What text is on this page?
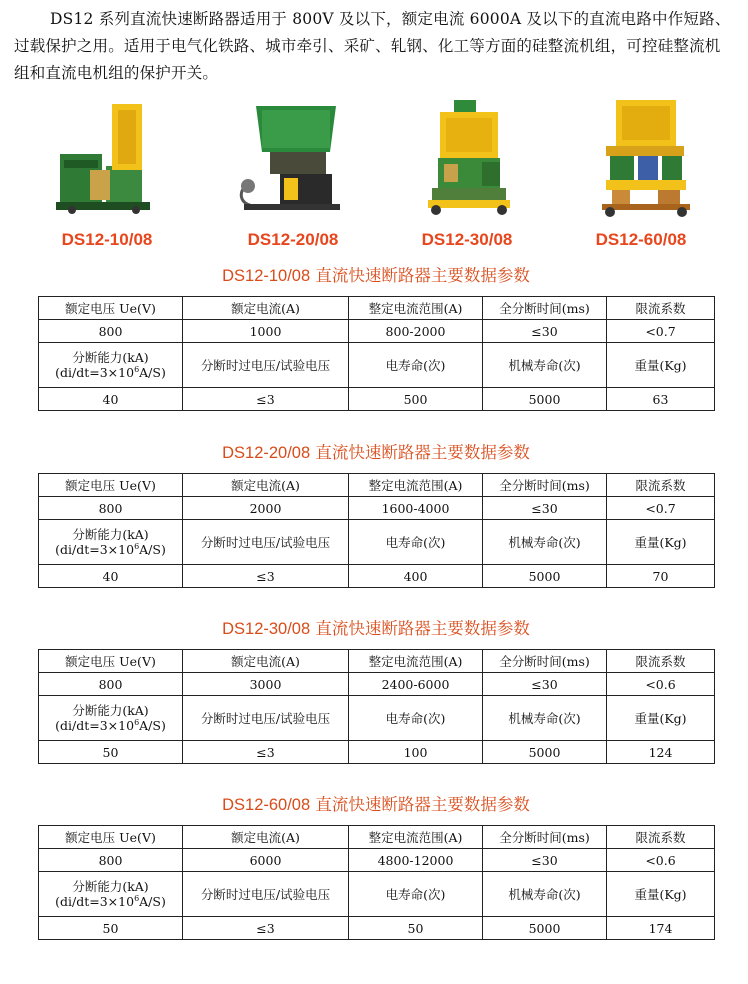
DS12 系列直流快速断路器适用于 800V 及以下，额定电流 6000A 及以下的直流电路中作短路、过载保护之用。适用于电气化铁路、城市牵引、采矿、轧钢、化工等方面的硅整流机组，可控硅整流机组和直流电机组的保护开关。
DS12-10/08	DS12-20/08	DS12-30/08	DS12-60/08
DS12-10/08 直流快速断路器主要数据参数
额定电压 Ue(V)	额定电流(A)	整定电流范围(A)	全分断时间(ms)	限流系数
800	1000	800-2000	≤30	<0.7
分断能力(kA)
$(di/dt=3\times 10^6A/S)$	分断时过电压/试验电压	电寿命(次)	机械寿命(次)	重量(Kg)
40	≤3	500	5000	63
DS12-20/08 直流快速断路器主要数据参数
额定电压 Ue(V)	额定电流(A)	整定电流范围(A)	全分断时间(ms)	限流系数
800	2000	1600-4000	≤30	<0.7
分断能力(kA)
$(di/dt=3\times 10^6A/S)$	分断时过电压/试验电压	电寿命(次)	机械寿命(次)	重量(Kg)
40	≤3	400	5000	70
DS12-30/08 直流快速断路器主要数据参数
额定电压 Ue(V)	额定电流(A)	整定电流范围(A)	全分断时间(ms)	限流系数
800	3000	2400-6000	≤30	<0.6
分断能力(kA)
$(di/dt=3\times 10^6A/S)$	分断时过电压/试验电压	电寿命(次)	机械寿命(次)	重量(Kg)
50	≤3	100	5000	124
DS12-60/08 直流快速断路器主要数据参数
额定电压 Ue(V)	额定电流(A)	整定电流范围(A)	全分断时间(ms)	限流系数
800	6000	4800-12000	≤30	<0.6
分断能力(kA)
$(di/dt=3\times 10^6A/S)$	分断时过电压/试验电压	电寿命(次)	机械寿命(次)	重量(Kg)
50	≤3	50	5000	174
